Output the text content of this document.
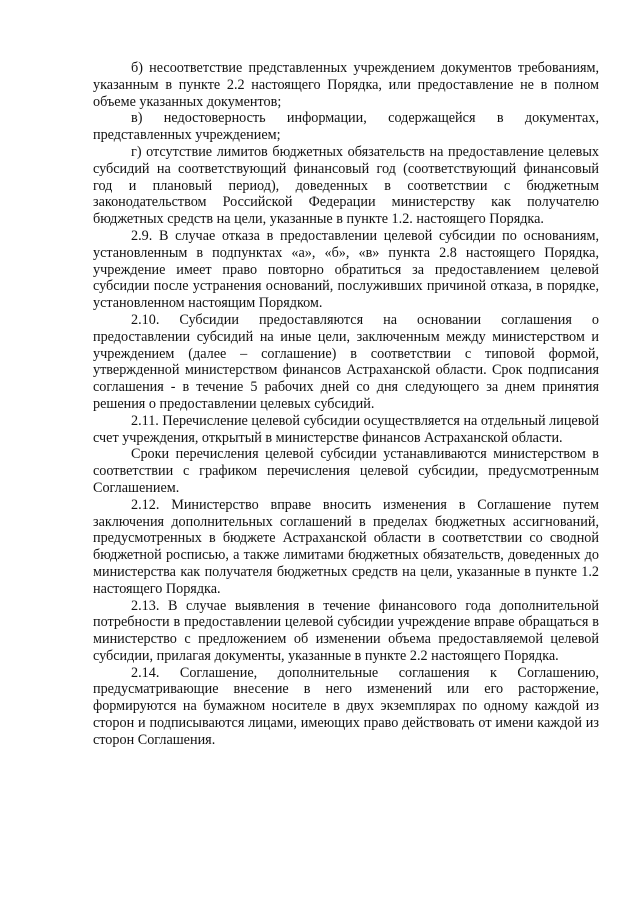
б) несоответствие представленных учреждением документов требованиям, указанным в пункте 2.2 настоящего Порядка, или предоставление не в полном объеме указанных документов;

в) недостоверность информации, содержащейся в документах, представленных учреждением;

г) отсутствие лимитов бюджетных обязательств на предоставление целевых субсидий на соответствующий финансовый год (соответствующий финансовый год и плановый период), доведенных в соответствии с бюджетным законодательством Российской Федерации министерству как получателю бюджетных средств на цели, указанные в пункте 1.2. настоящего Порядка.

2.9. В случае отказа в предоставлении целевой субсидии по основаниям, установленным в подпунктах «а», «б», «в» пункта 2.8 настоящего Порядка, учреждение имеет право повторно обратиться за предоставлением целевой субсидии после устранения оснований, послуживших причиной отказа, в порядке, установленном настоящим Порядком.

2.10. Субсидии предоставляются на основании соглашения о предоставлении субсидий на иные цели, заключенным между министерством и учреждением (далее – соглашение) в соответствии с типовой формой, утвержденной министерством финансов Астраханской области. Срок подписания соглашения - в течение 5 рабочих дней со дня следующего за днем принятия решения о предоставлении целевых субсидий.

2.11. Перечисление целевой субсидии осуществляется на отдельный лицевой счет учреждения, открытый в министерстве финансов Астраханской области.

Сроки перечисления целевой субсидии устанавливаются министерством в соответствии с графиком перечисления целевой субсидии, предусмотренным Соглашением.

2.12. Министерство вправе вносить изменения в Соглашение путем заключения дополнительных соглашений в пределах бюджетных ассигнований, предусмотренных в бюджете Астраханской области в соответствии со сводной бюджетной росписью, а также лимитами бюджетных обязательств, доведенных до министерства как получателя бюджетных средств на цели, указанные в пункте 1.2 настоящего Порядка.

2.13. В случае выявления в течение финансового года дополнительной потребности в предоставлении целевой субсидии учреждение вправе обращаться в министерство с предложением об изменении объема предоставляемой целевой субсидии, прилагая документы, указанные в пункте 2.2 настоящего Порядка.

2.14. Соглашение, дополнительные соглашения к Соглашению, предусматривающие внесение в него изменений или его расторжение, формируются на бумажном носителе в двух экземплярах по одному каждой из сторон и подписываются лицами, имеющих право действовать от имени каждой из сторон Соглашения.
